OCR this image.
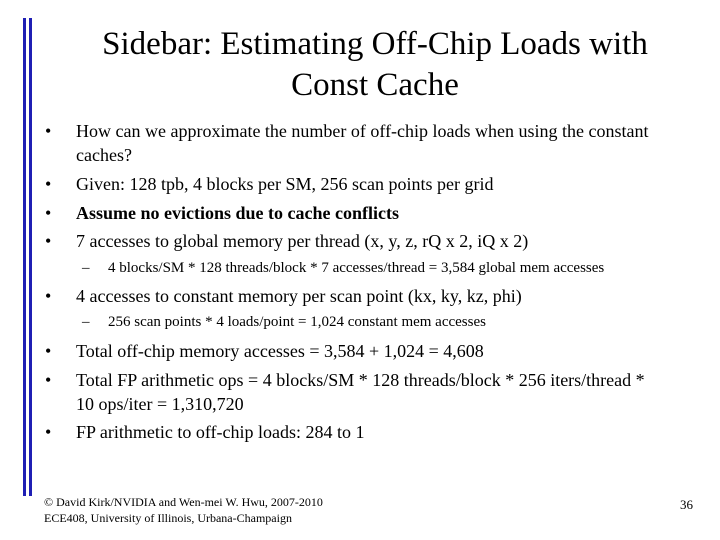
Sidebar: Estimating Off-Chip Loads with
Const Cache
• How can we approximate the number of off-chip loads when using the constant
caches?
• Given: 128 tpb, 4 blocks per SM, 256 scan points per grid
• Assume no evictions due to cache conflicts
• 7 accesses to global memory per thread (x, y, z, rQ x 2, iQ x 2)
– 4 blocks/SM * 128 threads/block * 7 accesses/thread = 3,584 global mem accesses
• 4 accesses to constant memory per scan point (kx, ky, kz, phi)
– 256 scan points * 4 loads/point = 1,024 constant mem accesses
• Total off-chip memory accesses = 3,584 + 1,024 = 4,608
• Total FP arithmetic ops = 4 blocks/SM * 128 threads/block * 256 iters/thread *
10 ops/iter = 1,310,720
• FP arithmetic to off-chip loads: 284 to 1
© David Kirk/NVIDIA and Wen-mei W. Hwu, 2007-2010
ECE408, University of Illinois, Urbana-Champaign
36
